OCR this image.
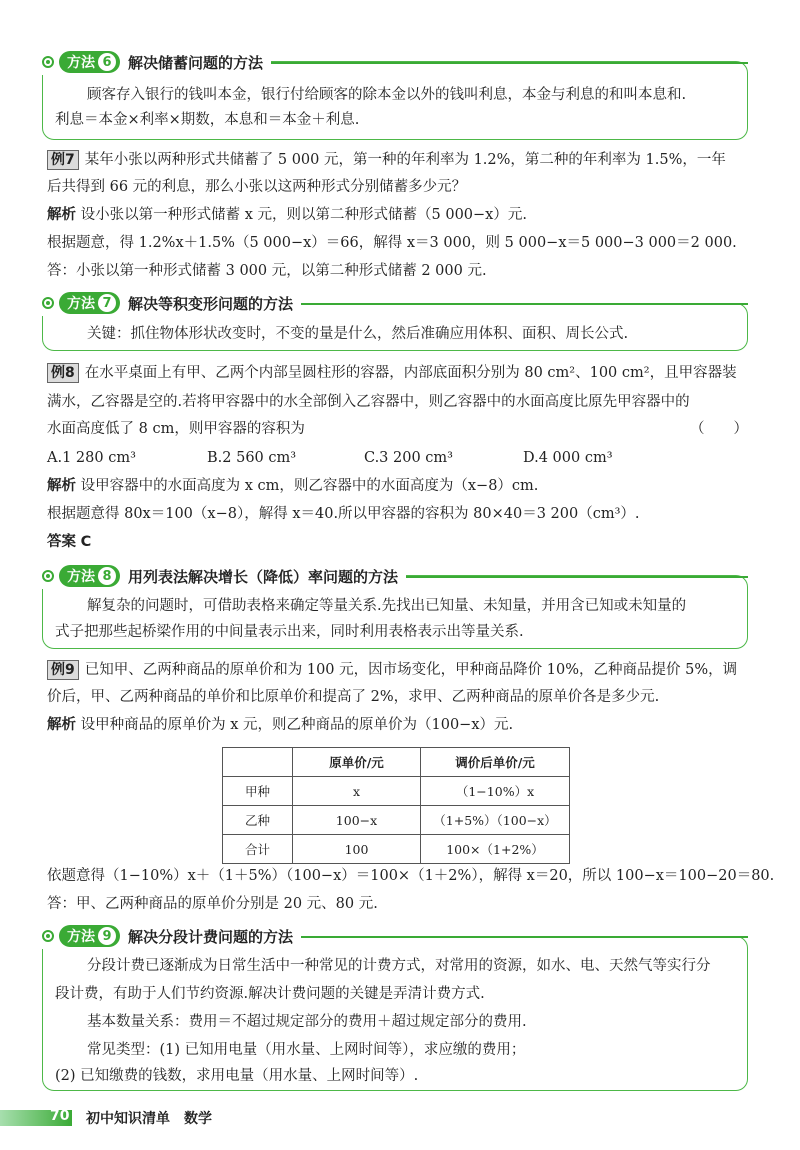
方法 6 解决储蓄问题的方法
顾客存入银行的钱叫本金，银行付给顾客的除本金以外的钱叫利息，本金与利息的和叫本息和.
利息＝本金×利率×期数，本息和＝本金＋利息.
例7 某年小张以两种形式共储蓄了 5 000 元，第一种的年利率为 1.2%，第二种的年利率为 1.5%，一年
后共得到 66 元的利息，那么小张以这两种形式分别储蓄多少元？
解析 设小张以第一种形式储蓄 x 元，则以第二种形式储蓄（5 000−x）元.
根据题意，得 1.2%x＋1.5%（5 000−x）＝66，解得 x＝3 000，则 5 000−x＝5 000−3 000＝2 000.
答：小张以第一种形式储蓄 3 000 元，以第二种形式储蓄 2 000 元.
方法 7 解决等积变形问题的方法
关键：抓住物体形状改变时，不变的量是什么，然后准确应用体积、面积、周长公式.
例8 在水平桌面上有甲、乙两个内部呈圆柱形的容器，内部底面积分别为 80 cm²、100 cm²，且甲容器装
满水，乙容器是空的.若将甲容器中的水全部倒入乙容器中，则乙容器中的水面高度比原先甲容器中的
水面高度低了 8 cm，则甲容器的容积为	（　　）
A.1 280 cm³	B.2 560 cm³	C.3 200 cm³	D.4 000 cm³
解析 设甲容器中的水面高度为 x cm，则乙容器中的水面高度为（x−8）cm.
根据题意得 80x＝100（x−8），解得 x＝40.所以甲容器的容积为 80×40＝3 200（cm³）.
答案 C
方法 8 用列表法解决增长（降低）率问题的方法
解复杂的问题时，可借助表格来确定等量关系.先找出已知量、未知量，并用含已知或未知量的
式子把那些起桥梁作用的中间量表示出来，同时利用表格表示出等量关系.
例9 已知甲、乙两种商品的原单价和为 100 元，因市场变化，甲种商品降价 10%，乙种商品提价 5%，调
价后，甲、乙两种商品的单价和比原单价和提高了 2%，求甲、乙两种商品的原单价各是多少元.
解析 设甲种商品的原单价为 x 元，则乙种商品的原单价为（100−x）元.
	原单价/元	调价后单价/元
甲种	x	（1−10%）x
乙种	100−x	（1+5%）（100−x）
合计	100	100×（1+2%）
依题意得（1−10%）x＋（1＋5%）（100−x）＝100×（1＋2%），解得 x＝20，所以 100−x＝100−20＝80.
答：甲、乙两种商品的原单价分别是 20 元、80 元.
方法 9 解决分段计费问题的方法
分段计费已逐渐成为日常生活中一种常见的计费方式，对常用的资源，如水、电、天然气等实行分
段计费，有助于人们节约资源.解决计费问题的关键是弄清计费方式.
基本数量关系：费用＝不超过规定部分的费用＋超过规定部分的费用.
常见类型：(1) 已知用电量（用水量、上网时间等），求应缴的费用；
(2) 已知缴费的钱数，求用电量（用水量、上网时间等）.
70 初中知识清单　数学
